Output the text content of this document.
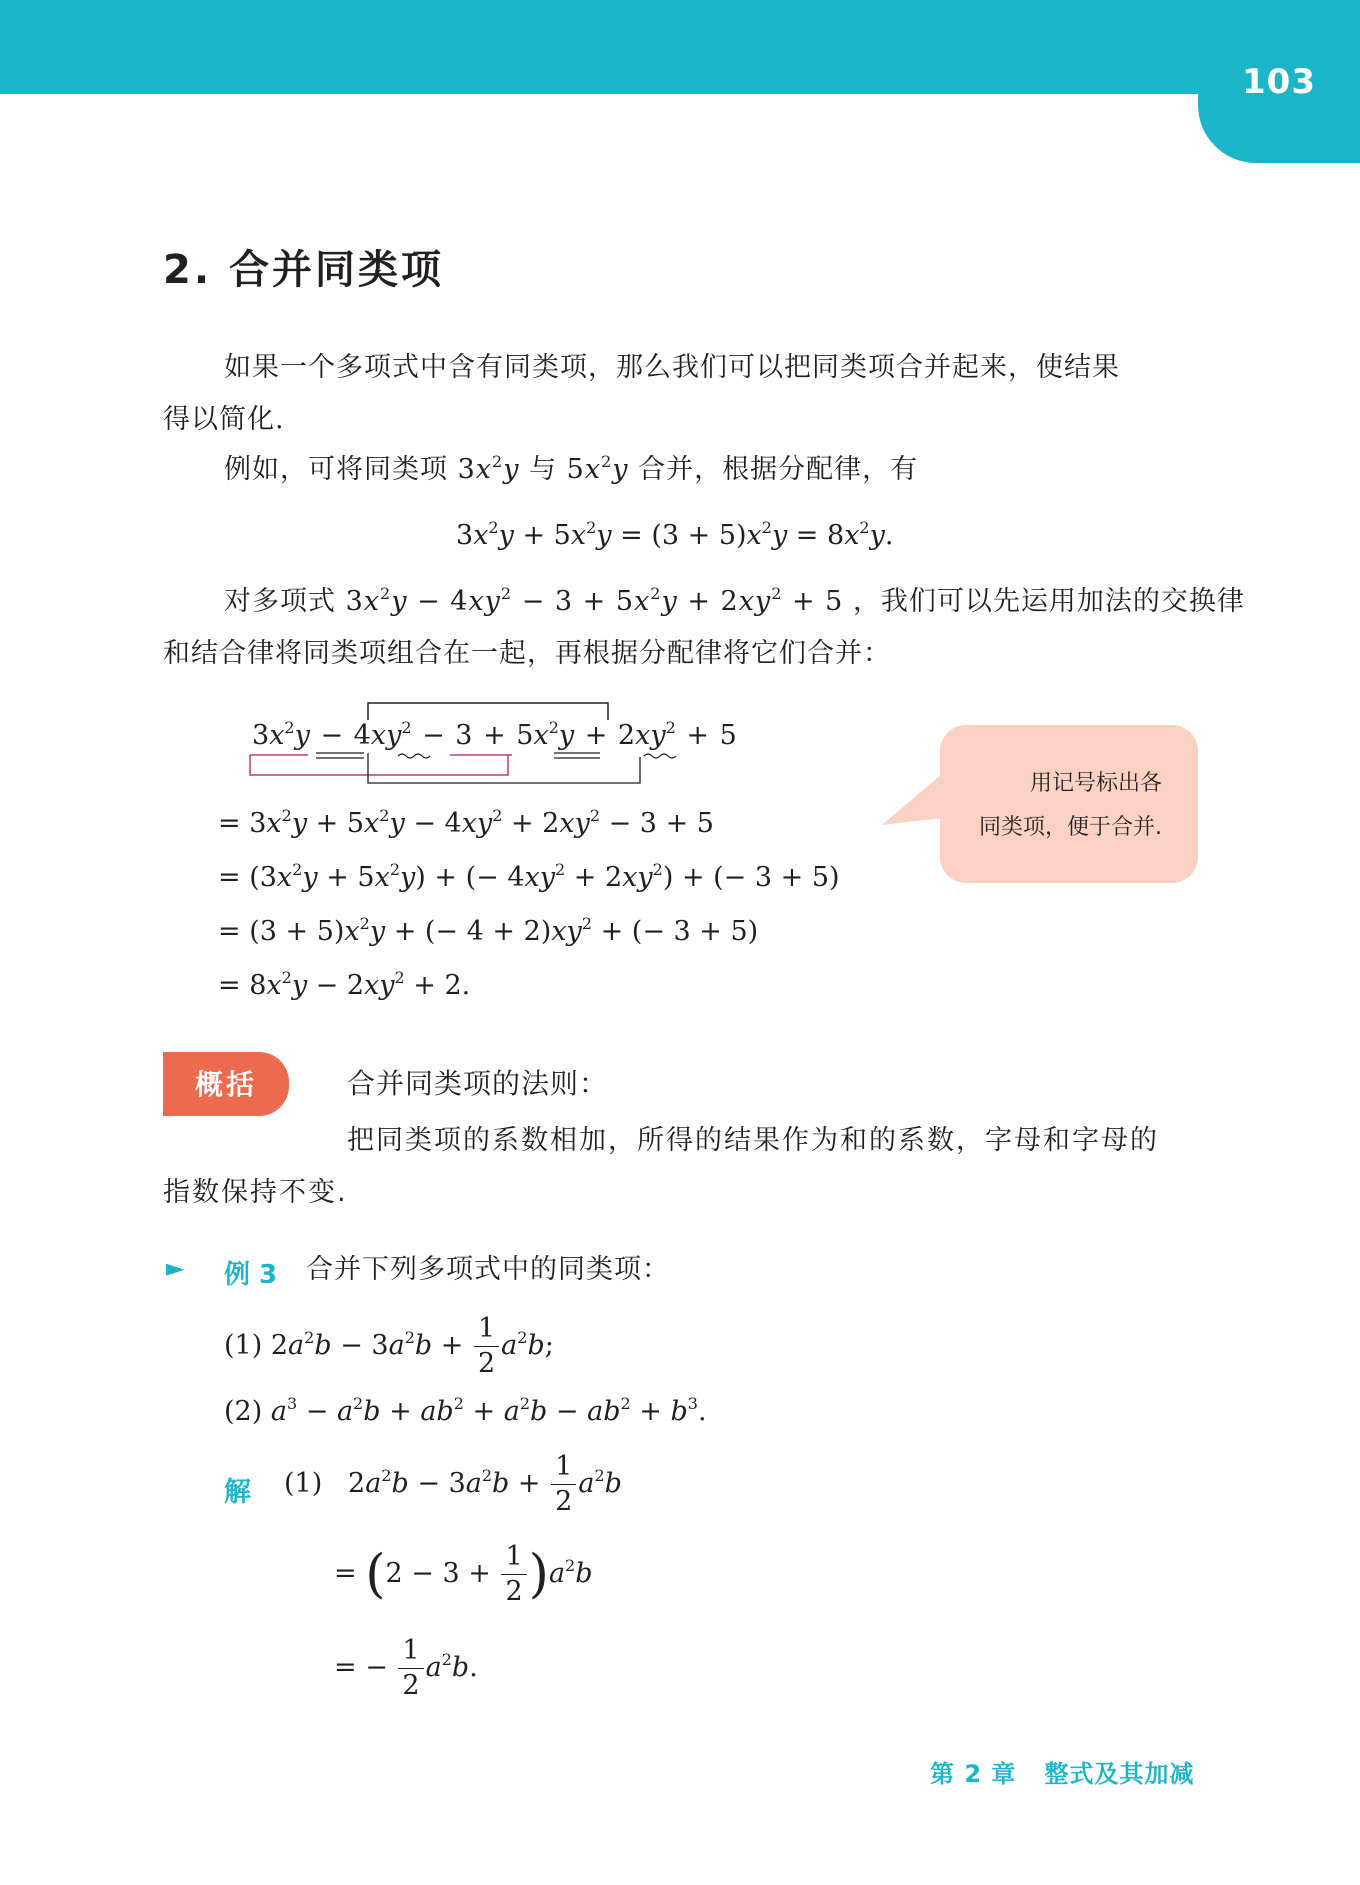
103
2. 合并同类项
如果一个多项式中含有同类项，那么我们可以把同类项合并起来，使结果
得以简化.
例如，可将同类项 $3x^2y$ 与 $5x^2y$ 合并，根据分配律，有
$3x^2y + 5x^2y = (3 + 5)x^2y = 8x^2y$.
对多项式 $3x^2y - 4xy^2 - 3 + 5x^2y + 2xy^2 + 5$ ，我们可以先运用加法的交换律
和结合律将同类项组合在一起，再根据分配律将它们合并：
$3x^2y - 4xy^2 - 3 + 5x^2y + 2xy^2 + 5$
用记号标出各
同类项，便于合并.
= $3x^2y + 5x^2y - 4xy^2 + 2xy^2 - 3 + 5$
= $(3x^2y + 5x^2y)$ + (− $4xy^2 + 2xy^2$) + (− 3 + 5)
= $(3 + 5)x^2y$ + (− $4 + 2)xy^2$ + (− 3 + 5)
= $8x^2y - 2xy^2 + 2$.
概括	合并同类项的法则：
把同类项的系数相加，所得的结果作为和的系数，字母和字母的
指数保持不变.
► 例 3 合并下列多项式中的同类项：
(1) $2a^2b - 3a^2b + \frac{1}{2} a^2b$;
(2) $a^3 - a^2b + ab^2 + a^2b - ab^2 + b^3$.
解 (1)   $2a^2b - 3a^2b + \frac{1}{2} a^2b$
= $(2 - 3 + \frac{1}{2} )a^2b$
= − $\frac{1}{2} a^2b$.
第 2 章 整式及其加减
